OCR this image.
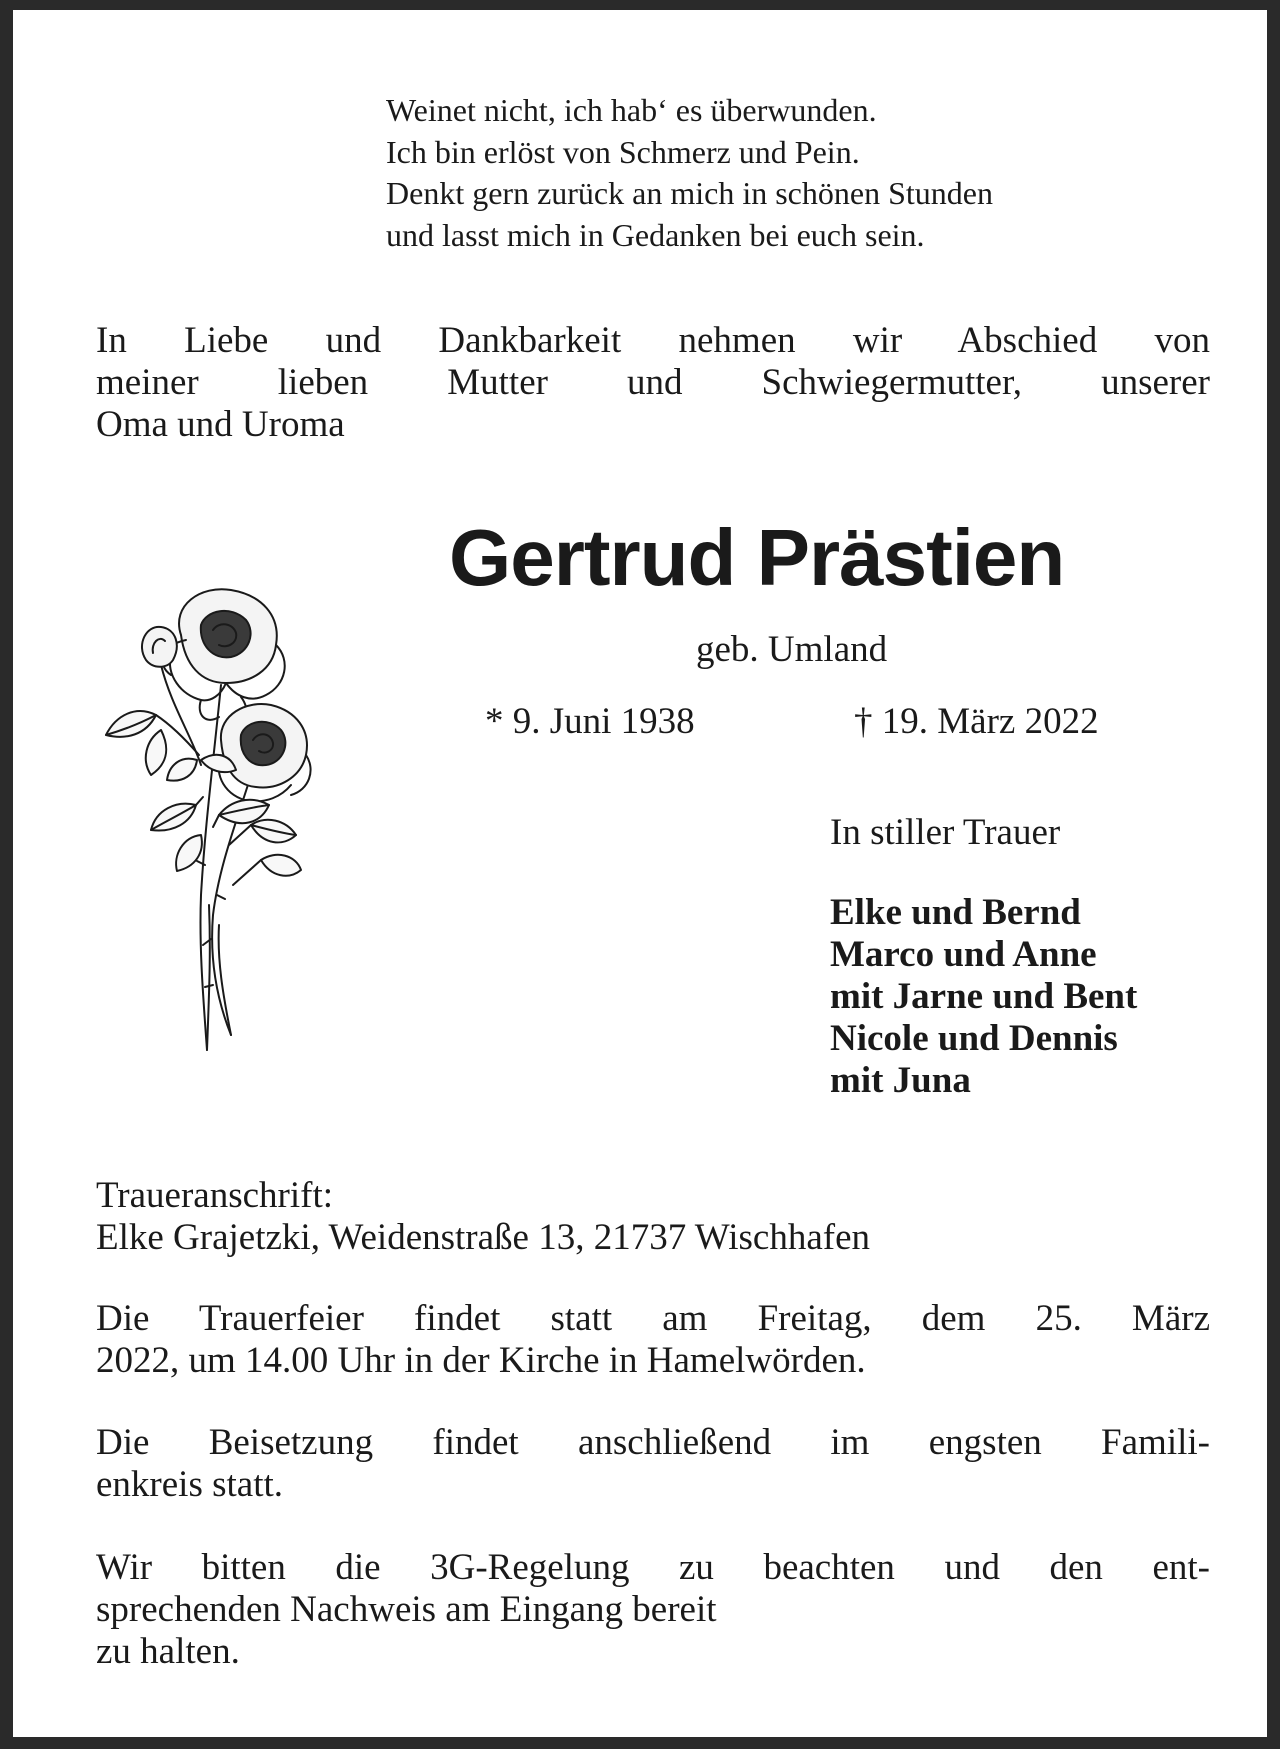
Weinet nicht, ich hab‘ es überwunden.
Ich bin erlöst von Schmerz und Pein.
Denkt gern zurück an mich in schönen Stunden
und lasst mich in Gedanken bei euch sein.
In Liebe und Dankbarkeit nehmen wir Abschied von
meiner lieben Mutter und Schwiegermutter, unserer
Oma und Uroma
Gertrud Prästien
geb. Umland
* 9. Juni 1938	† 19. März 2022
In stiller Trauer
Elke und Bernd
Marco und Anne
mit Jarne und Bent
Nicole und Dennis
mit Juna
Traueranschrift:
Elke Grajetzki, Weidenstraße 13, 21737 Wischhafen
Die Trauerfeier findet statt am Freitag, dem 25. März
2022, um 14.00 Uhr in der Kirche in Hamelwörden.
Die Beisetzung findet anschließend im engsten Famili-
enkreis statt.
Wir bitten die 3G-Regelung zu beachten und den ent-
sprechenden Nachweis am Eingang bereit
zu halten.
